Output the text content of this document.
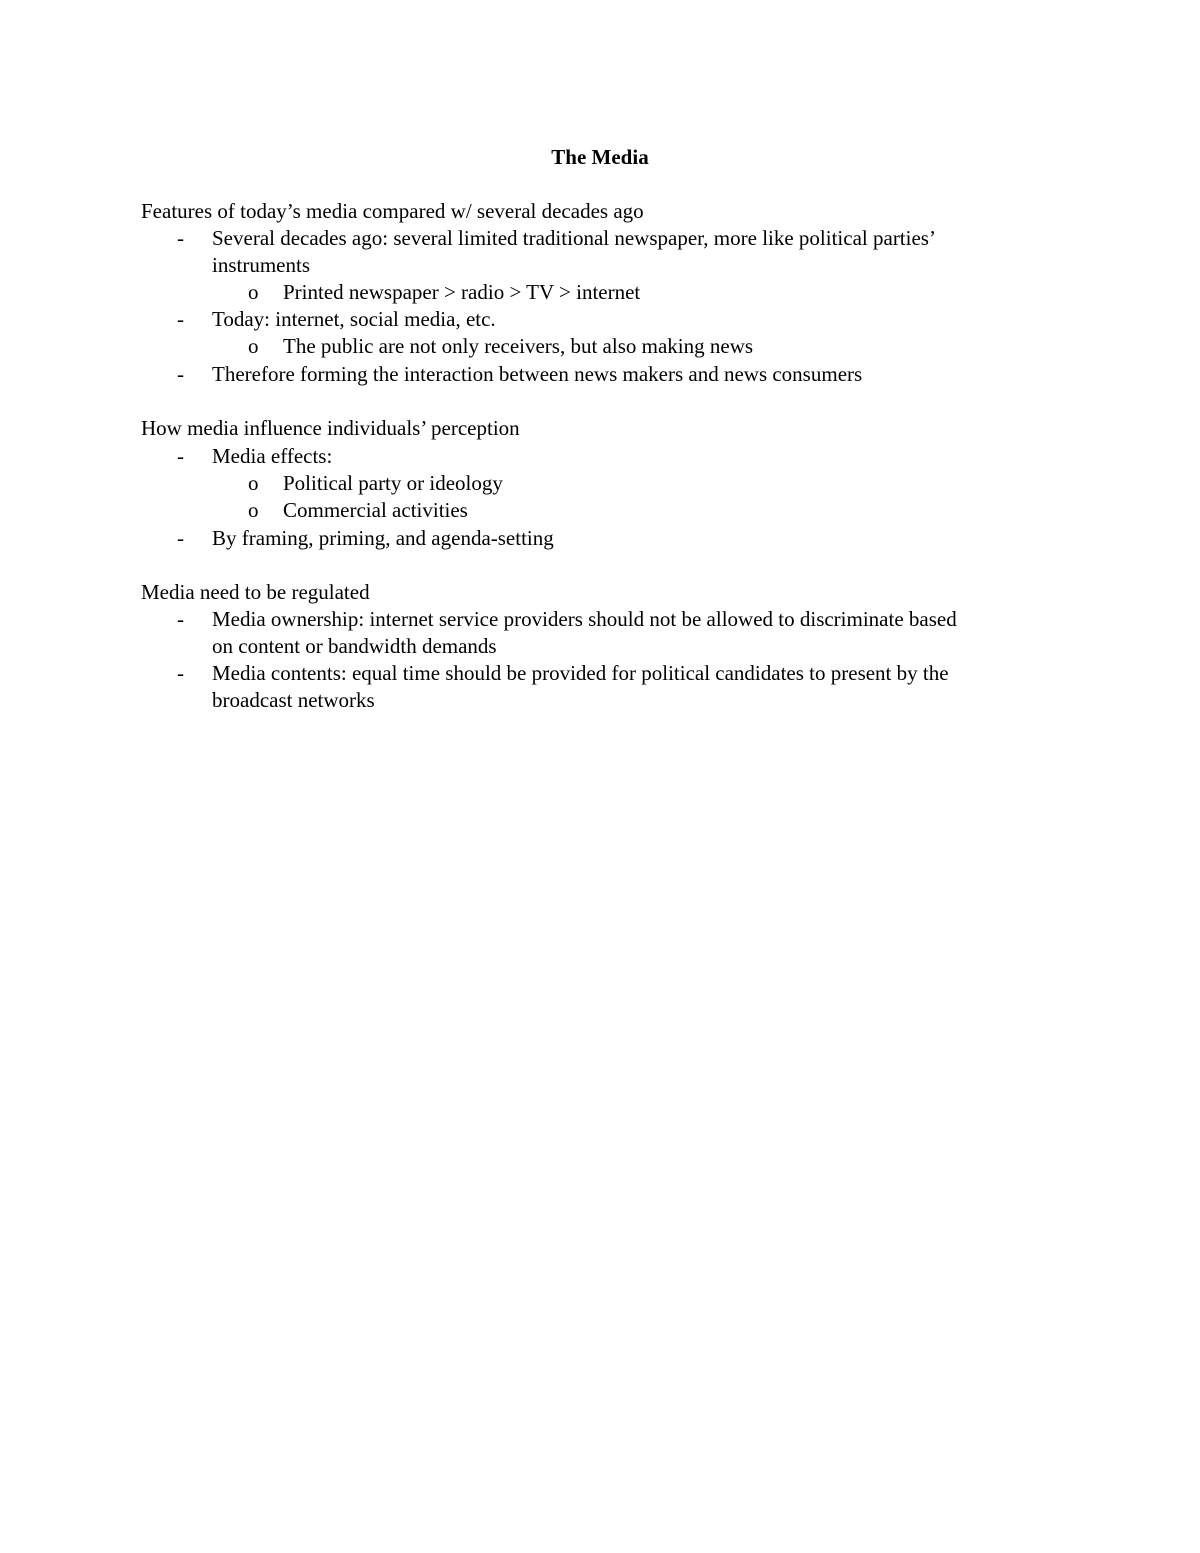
The Media
Features of today’s media compared w/ several decades ago
- Several decades ago: several limited traditional newspaper, more like political parties’
instruments
o Printed newspaper > radio > TV > internet
- Today: internet, social media, etc.
o The public are not only receivers, but also making news
- Therefore forming the interaction between news makers and news consumers
How media influence individuals’ perception
- Media effects:
o Political party or ideology
o Commercial activities
- By framing, priming, and agenda-setting
Media need to be regulated
- Media ownership: internet service providers should not be allowed to discriminate based
on content or bandwidth demands
- Media contents: equal time should be provided for political candidates to present by the
broadcast networks
